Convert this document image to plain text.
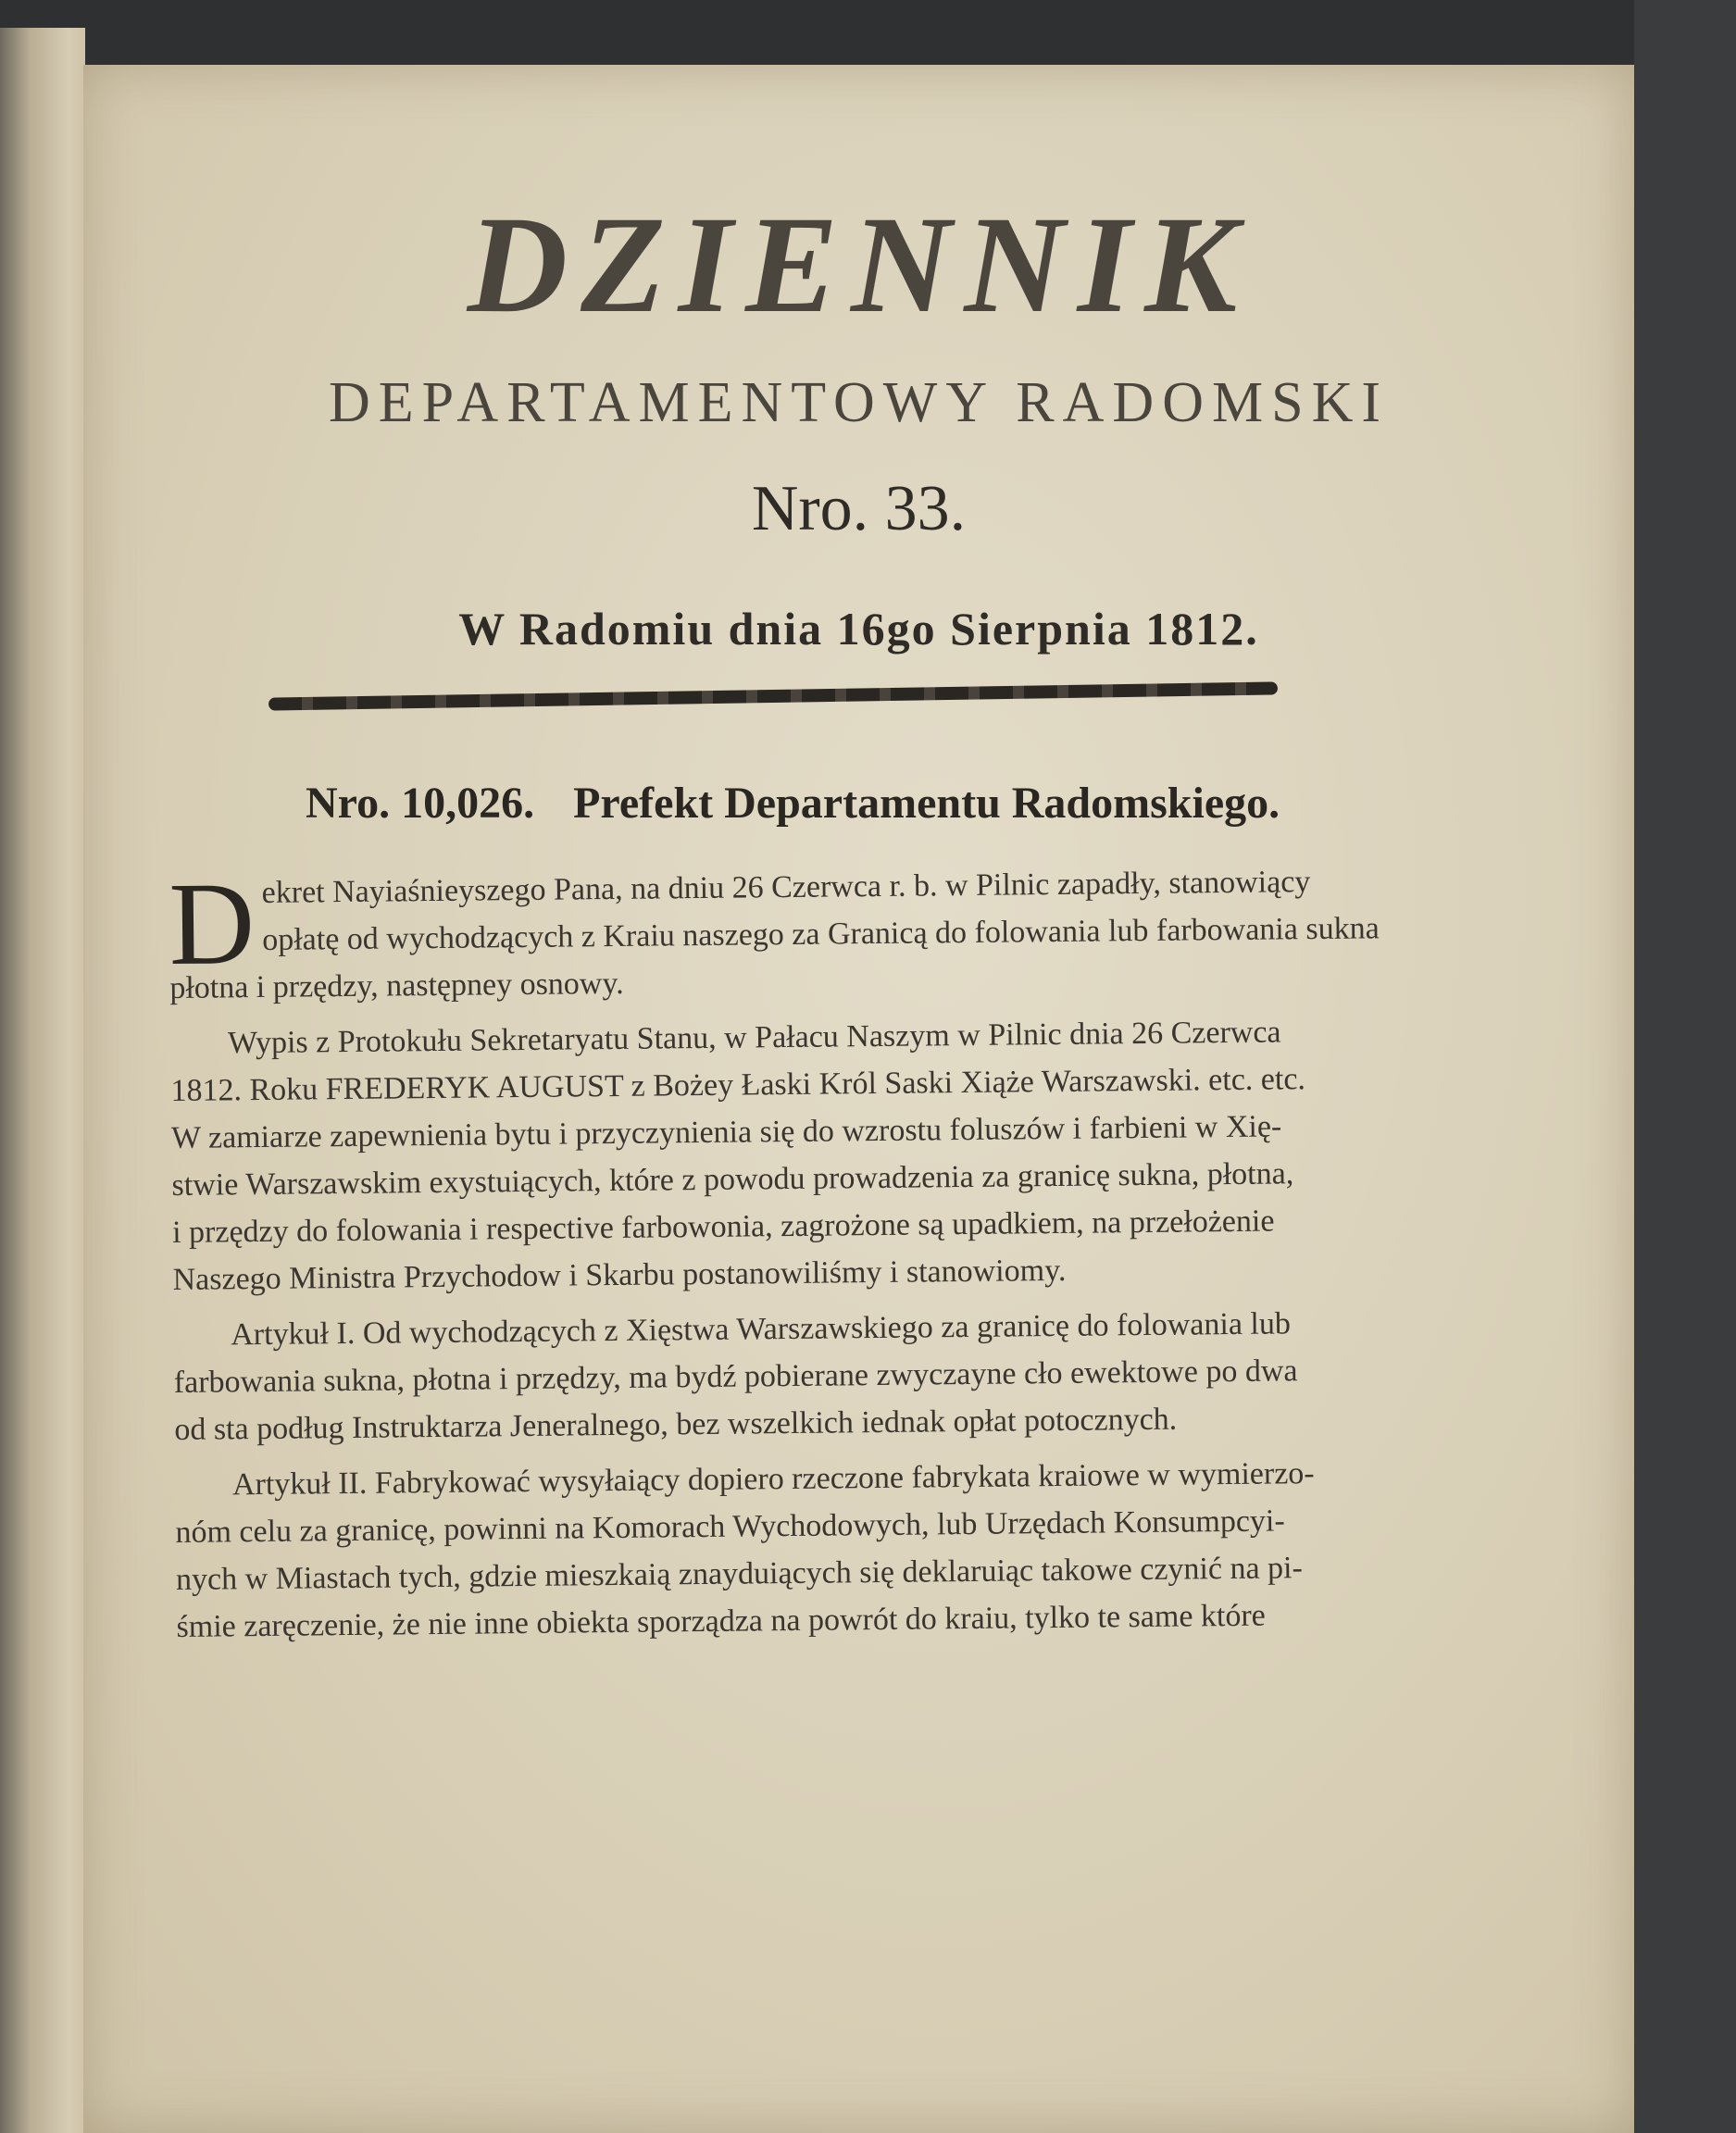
DZIENNIK
DEPARTAMENTOWY RADOMSKI
Nro. 33.
W Radomiu dnia 16go Sierpnia 1812.
Nro. 10,026. Prefekt Departamentu Radomskiego.
D ekret Nayiaśnieyszego Pana, na dniu 26 Czerwca r. b. w Pilnic zapadły, stanowiący
opłatę od wychodzących z Kraiu naszego za Granicą do folowania lub farbowania sukna
płotna i przędzy, następney osnowy.
Wypis z Protokułu Sekretaryatu Stanu, w Pałacu Naszym w Pilnic dnia 26 Czerwca
1812. Roku FREDERYK AUGUST z Bożey Łaski Król Saski Xiąże Warszawski. etc. etc.
W zamiarze zapewnienia bytu i przyczynienia się do wzrostu foluszów i farbieni w Xię-
stwie Warszawskim exystuiących, które z powodu prowadzenia za granicę sukna, płotna,
i przędzy do folowania i respective farbowonia, zagrożone są upadkiem, na przełożenie
Naszego Ministra Przychodow i Skarbu postanowiliśmy i stanowiomy.
Artykuł I. Od wychodzących z Xięstwa Warszawskiego za granicę do folowania lub
farbowania sukna, płotna i przędzy, ma bydź pobierane zwyczayne cło ewektowe po dwa
od sta podług Instruktarza Jeneralnego, bez wszelkich iednak opłat potocznych.
Artykuł II. Fabrykować wysyłaiący dopiero rzeczone fabrykata kraiowe w wymierzo-
nóm celu za granicę, powinni na Komorach Wychodowych, lub Urzędach Konsumpcyi-
nych w Miastach tych, gdzie mieszkaią znayduiących się deklaruiąc takowe czynić na pi-
śmie zaręczenie, że nie inne obiekta sporządza na powrót do kraiu, tylko te same które
